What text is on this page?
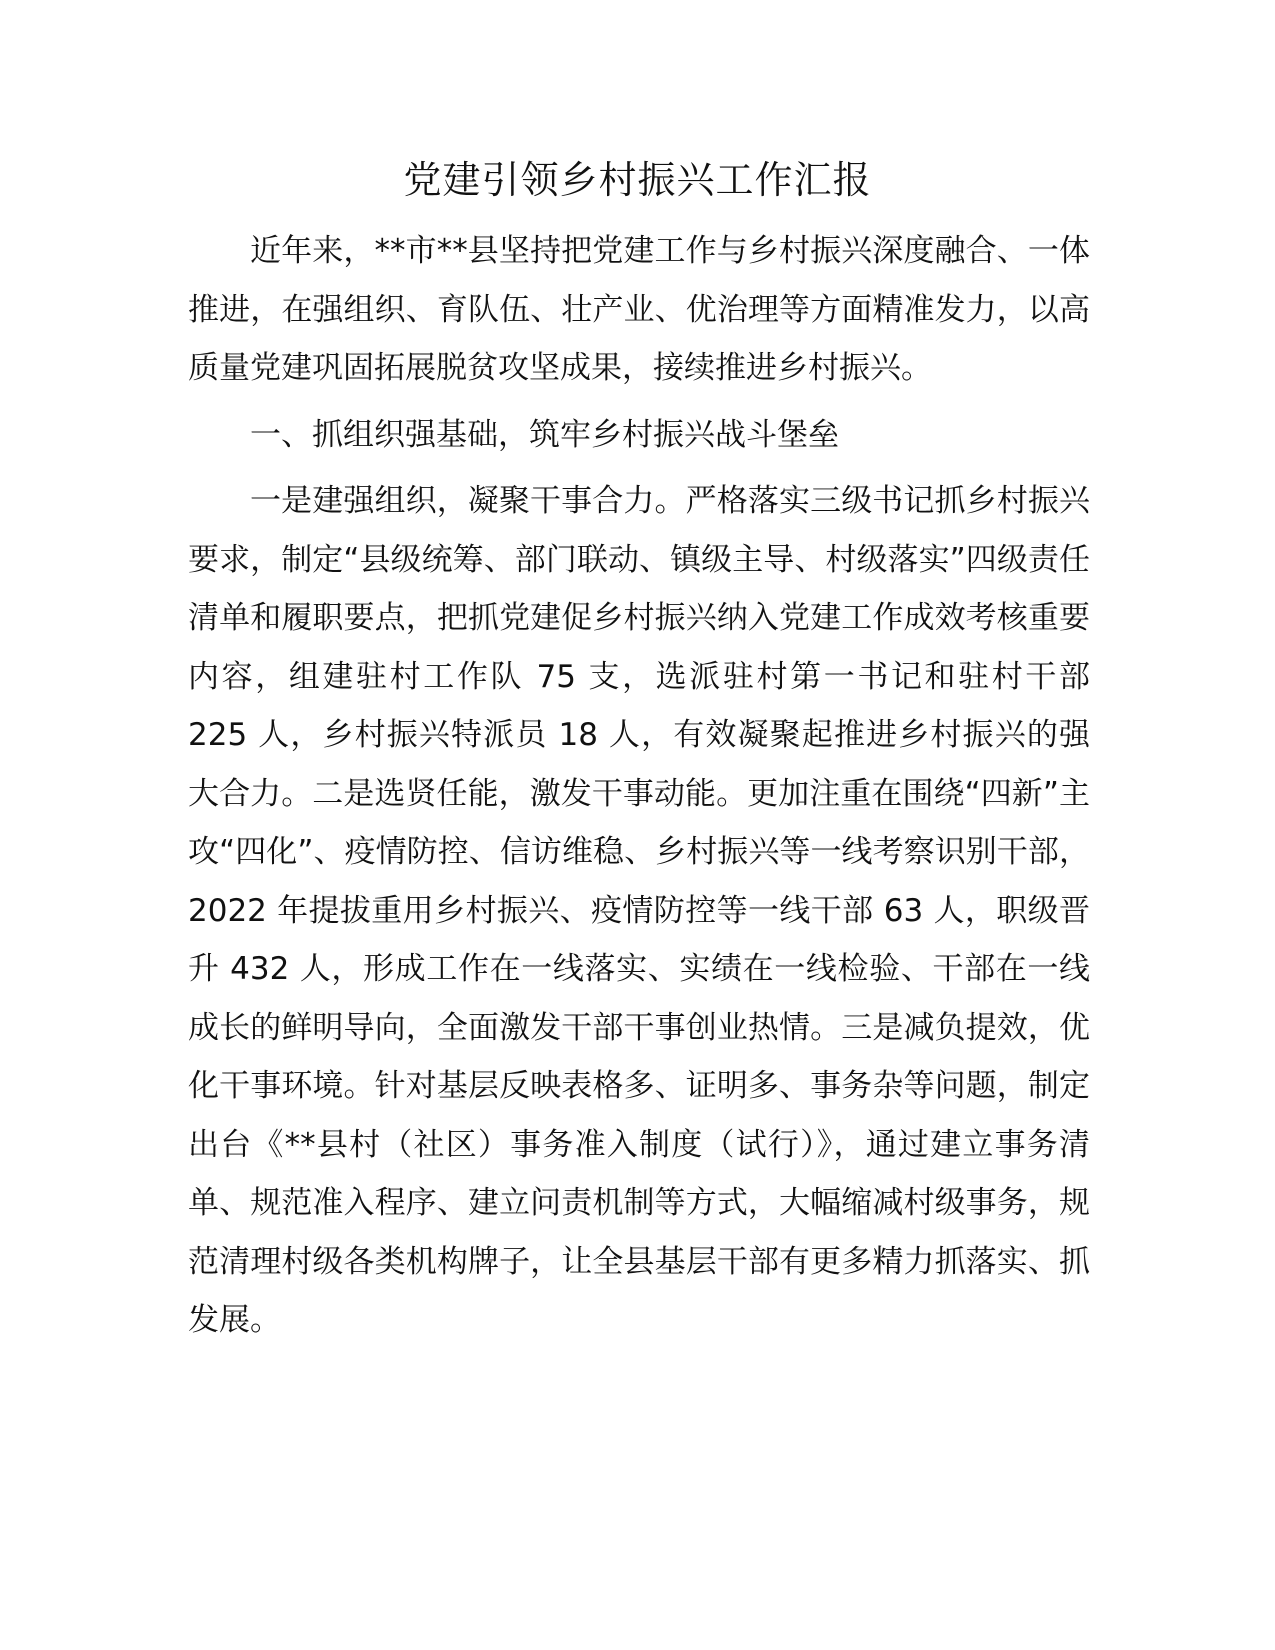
党建引领乡村振兴工作汇报

近年来，**市**县坚持把党建工作与乡村振兴深度融合、一体推进，在强组织、育队伍、壮产业、优治理等方面精准发力，以高质量党建巩固拓展脱贫攻坚成果，接续推进乡村振兴。

一、抓组织强基础，筑牢乡村振兴战斗堡垒

一是建强组织，凝聚干事合力。严格落实三级书记抓乡村振兴要求，制定“县级统筹、部门联动、镇级主导、村级落实”四级责任清单和履职要点，把抓党建促乡村振兴纳入党建工作成效考核重要内容，组建驻村工作队 75 支，选派驻村第一书记和驻村干部 225 人，乡村振兴特派员 18 人，有效凝聚起推进乡村振兴的强大合力。二是选贤任能，激发干事动能。更加注重在围绕“四新”主攻“四化”、疫情防控、信访维稳、乡村振兴等一线考察识别干部，2022 年提拔重用乡村振兴、疫情防控等一线干部 63 人，职级晋升 432 人，形成工作在一线落实、实绩在一线检验、干部在一线成长的鲜明导向，全面激发干部干事创业热情。三是减负提效，优化干事环境。针对基层反映表格多、证明多、事务杂等问题，制定出台《**县村（社区）事务准入制度（试行）》，通过建立事务清单、规范准入程序、建立问责机制等方式，大幅缩减村级事务，规范清理村级各类机构牌子，让全县基层干部有更多精力抓落实、抓发展。
